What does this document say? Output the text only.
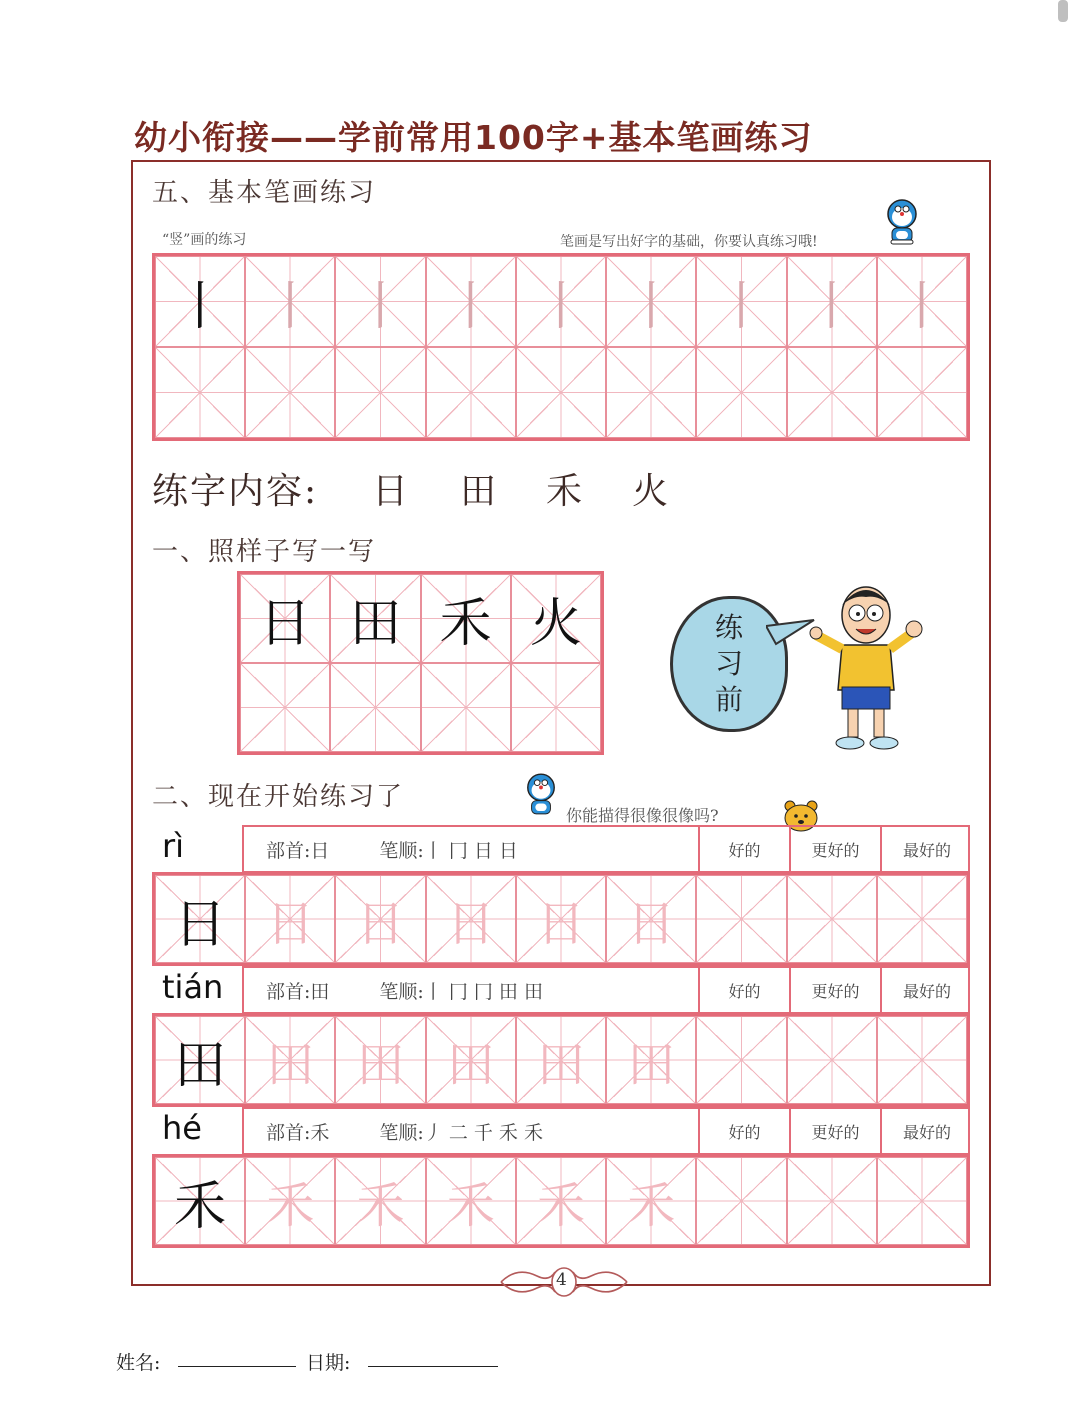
幼小衔接——学前常用100字+基本笔画练习
五、基本笔画练习
“竖”画的练习	笔画是写出好字的基础，你要认真练习哦!
丨 丨 丨 丨 丨 丨 丨 丨 丨
练字内容: 日 田 禾 火
一、照样子写一写
日 田 禾 火	练
习
前
二、现在开始练习了
你能描得很像很像吗?
rì	部首:日	笔顺:丨 冂 日 日	好的	更好的	最好的
日 日 日 日 日 日
tián 部首:田	笔顺:丨 冂 冂 田 田	好的	更好的	最好的
田 田 田 田 田 田
hé	部首:禾	笔顺:丿 二 千 禾 禾	好的	更好的	最好的
禾 禾 禾 禾 禾 禾
4
姓名:	日期:
